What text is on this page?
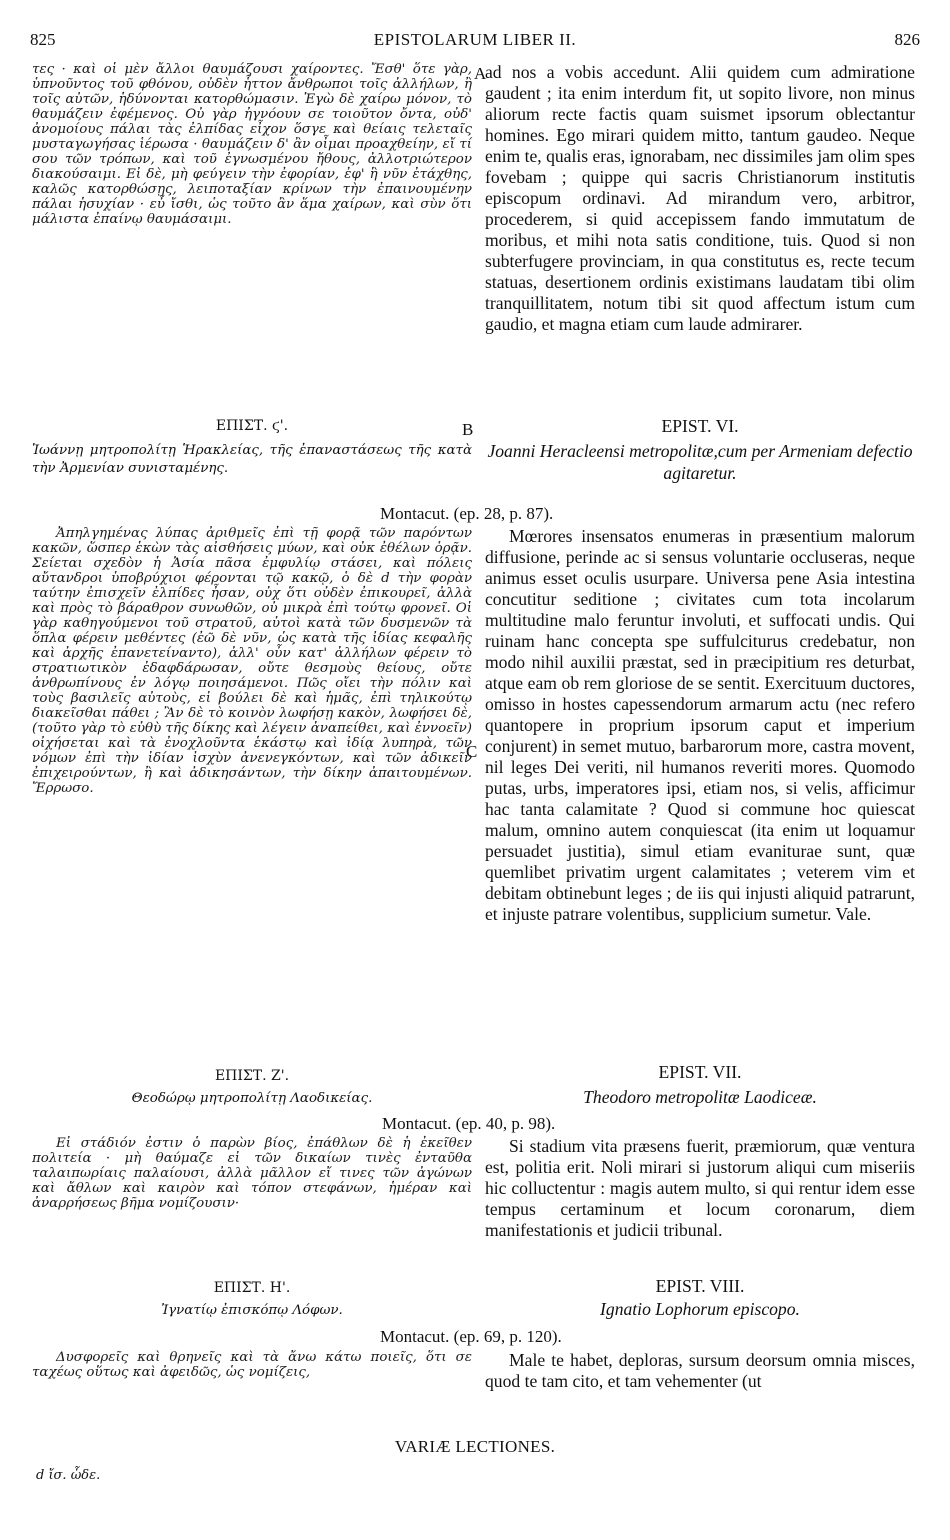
825	EPISTOLARUM LIBER II.	826

τες · καὶ οἱ μὲν ἄλλοι θαυμάζουσι χαίροντες. Ἔσθ' ὅτε γὰρ, ὑπνοῦντος τοῦ φθόνου, οὐδὲν ἧττον ἄνθρωποι τοῖς ἀλλήλων, ἢ τοῖς αὐτῶν, ἡδύνονται κατορθώμασιν. Ἐγὼ δὲ χαίρω μόνον, τὸ θαυμάζειν ἐφέμενος. Οὐ γὰρ ἠγνόουν σε τοιοῦτον ὄντα, οὐδ' ἀνομοίους πάλαι τὰς ἐλπίδας εἶχον ὅσγε καὶ θείαις τελεταῖς μυσταγωγήσας ἱέρωσα · θαυμάζειν δ' ἂν οἶμαι προαχθείην, εἴ τί σου τῶν τρόπων, καὶ τοῦ ἐγνωσμένου ἤθους, ἀλλοτριώτερον διακούσαιμι. Εἰ δὲ, μὴ φεύγειν τὴν ἐφορίαν, ἐφ' ἣ νῦν ἐτάχθης, καλῶς κατορθώσῃς, λειποταξίαν κρίνων τὴν ἐπαινουμένην πάλαι ἡσυχίαν · εὖ ἴσθι, ὡς τοῦτο ἂν ἅμα χαίρων, καὶ σὺν ὅτι μάλιστα ἐπαίνῳ θαυμάσαιμι.

A

ad nos a vobis accedunt. Alii quidem cum admiratione gaudent ; ita enim interdum fit, ut sopito livore, non minus aliorum recte factis quam suismet ipsorum oblectantur homines. Ego mirari quidem mitto, tantum gaudeo. Neque enim te, qualis eras, ignorabam, nec dissimiles jam olim spes fovebam ; quippe qui sacris Christianorum institutis episcopum ordinavi. Ad mirandum vero, arbitror, procederem, si quid accepissem fando immutatum de moribus, et mihi nota satis conditione, tuis. Quod si non subterfugere provinciam, in qua constitutus es, recte tecum statuas, desertionem ordinis existimans laudatam tibi olim tranquillitatem, notum tibi sit quod affectum istum cum gaudio, et magna etiam cum laude admirarer.

ΕΠΙΣΤ. ϛ'.
Ἰωάννῃ μητροπολίτῃ Ἡρακλείας, τῆς ἐπαναστάσεως τῆς κατὰ τὴν Ἀρμενίαν συνισταμένης.
B	EPIST. VI.
Joanni Heracleensi metropolitæ,cum per Armeniam defectio agitaretur.
Montacut. (ep. 28, p. 87).

Ἀπηλγημένας λύπας ἀριθμεῖς ἐπὶ τῇ φορᾷ τῶν παρόντων κακῶν, ὥσπερ ἑκὼν τὰς αἰσθήσεις μύων, καὶ οὐκ ἐθέλων ὁρᾷν. Σείεται σχεδὸν ἡ Ἀσία πᾶσα ἐμφυλίῳ στάσει, καὶ πόλεις αὔτανδροι ὑποβρύχιοι φέρονται τῷ κακῷ, ὁ δὲ d τὴν φορὰν ταύτην ἐπισχεῖν ἐλπίδες ἦσαν, οὐχ ὅτι οὐδὲν ἐπικουρεῖ, ἀλλὰ καὶ πρὸς τὸ βάραθρον συνωθῶν, οὐ μικρὰ ἐπὶ τούτῳ φρονεῖ. Οἱ γὰρ καθηγούμενοι τοῦ στρατοῦ, αὐτοὶ κατὰ τῶν δυσμενῶν τὰ ὅπλα φέρειν μεθέντες (ἐῶ δὲ νῦν, ὡς κατὰ τῆς ἰδίας κεφαλῆς καὶ ἀρχῆς ἐπανετείναντο), ἀλλ' οὖν κατ' ἀλλήλων φέρειν τὸ στρατιωτικὸν ἐδαφδάρωσαν, οὔτε θεσμοὺς θείους, οὔτε ἀνθρωπίνους ἐν λόγῳ ποιησάμενοι. Πῶς οἴει τὴν πόλιν καὶ τοὺς βασιλεῖς αὐτοὺς, εἰ βούλει δὲ καὶ ἡμᾶς, ἐπὶ τηλικούτῳ διακεῖσθαι πάθει ; Ἂν δὲ τὸ κοινὸν λωφήσῃ κακὸν, λωφήσει δὲ, (τοῦτο γὰρ τὸ εὐθὺ τῆς δίκης καὶ λέγειν ἀναπείθει, καὶ ἐννοεῖν) οἰχήσεται καὶ τὰ ἐνοχλοῦντα ἑκάστῳ καὶ ἰδίᾳ λυπηρὰ, τῶν νόμων ἐπὶ τὴν ἰδίαν ἰσχὺν ἀνενεγκόντων, καὶ τῶν ἀδικεῖν ἐπιχειρούντων, ἢ καὶ ἀδικησάντων, τὴν δίκην ἀπαιτουμένων. Ἔρρωσο.

C

Mœrores insensatos enumeras in præsentium malorum diffusione, perinde ac si sensus voluntarie occluseras, neque animus esset oculis usurpare. Universa pene Asia intestina concutitur seditione ; civitates cum tota incolarum multitudine malo feruntur involuti, et suffocati undis. Qui ruinam hanc concepta spe suffulciturus credebatur, non modo nihil auxilii præstat, sed in præcipitium res deturbat, atque eam ob rem gloriose de se sentit. Exercituum ductores, omisso in hostes capessendorum armarum actu (nec refero quantopere in proprium ipsorum caput et imperium conjurent) in semet mutuo, barbarorum more, castra movent, nil leges Dei veriti, nil humanos reveriti mores. Quomodo putas, urbs, imperatores ipsi, etiam nos, si velis, afficimur hac tanta calamitate ? Quod si commune hoc quiescat malum, omnino autem conquiescat (ita enim ut loquamur persuadet justitia), simul etiam evaniturae sunt, quæ quemlibet privatim urgent calamitates ; veterem vim et debitam obtinebunt leges ; de iis qui injusti aliquid patrarunt, et injuste patrare volentibus, supplicium sumetur. Vale.

ΕΠΙΣΤ. Ζ'.
Θεοδώρῳ μητροπολίτῃ Λαοδικείας.
EPIST. VII.
Theodoro metropolitæ Laodiceæ.
Montacut. (ep. 40, p. 98).

Εἰ στάδιόν ἐστιν ὁ παρὼν βίος, ἐπάθλων δὲ ἡ ἐκεῖθεν πολιτεία · μὴ θαύμαζε εἰ τῶν δικαίων τινὲς ἐνταῦθα ταλαιπωρίαις παλαίουσι, ἀλλὰ μᾶλλον εἴ τινες τῶν ἀγώνων καὶ ἄθλων καὶ καιρὸν καὶ τόπον στεφάνων, ἡμέραν καὶ ἀναρρήσεως βῆμα νομίζουσιν·

Si stadium vita præsens fuerit, præmiorum, quæ ventura est, politia erit. Noli mirari si justorum aliqui cum miseriis hic colluctentur : magis autem multo, si qui rentur idem esse tempus certaminum et locum coronarum, diem manifestationis et judicii tribunal.

ΕΠΙΣΤ. Η'.
Ἰγνατίῳ ἐπισκόπῳ Λόφων.
EPIST. VIII.
Ignatio Lophorum episcopo.
Montacut. (ep. 69, p. 120).

Δυσφορεῖς καὶ θρηνεῖς καὶ τὰ ἄνω κάτω ποιεῖς, ὅτι σε ταχέως οὕτως καὶ ἀφειδῶς, ὡς νομίζεις,

Male te habet, deploras, sursum deorsum omnia misces, quod te tam cito, et tam vehementer (ut

VARIÆ LECTIONES.
d ἴσ. ὧδε.
